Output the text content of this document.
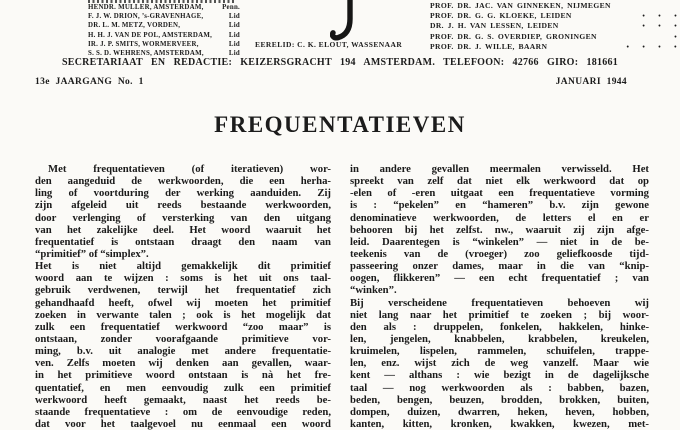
HENDR. MULLER, AMSTERDAM,	Penn.
F. J. W. DRION, ’s-GRAVENHAGE,	Lid
DR. L. M. METZ, VORDEN,	Lid
H. H. J. VAN DE POL, AMSTERDAM, Lid
IR. J. P. SMITS, WORMERVEER,	Lid
S. S. D. WEHRENS, AMSTERDAM,	Lid
EERELID: C. K. ELOUT, WASSENAAR
PROF. DR. JAC. VAN GINNEKEN, NIJMEGEN
PROF. DR. G. G. KLOEKE, LEIDEN	• • •
DR. J. H. VAN LESSEN, LEIDEN	• • •
PROF. DR. G. S. OVERDIEP, GRONINGEN	•
PROF. DR. J. WILLE, BAARN	• • • •
SECRETARIAAT EN REDACTIE: KEIZERSGRACHT 194 AMSTERDAM. TELEFOON: 42766 GIRO: 181661
13e JAARGANG No. 1	JANUARI 1944
FREQUENTATIEVEN
Met frequentatieven (of iteratieven) wor-
den aangeduid de werkwoorden, die een herha-
ling of voortduring der werking aanduiden. Zij
zijn afgeleid uit reeds bestaande werkwoorden,
door verlenging of versterking van den uitgang
van het zakelijke deel. Het woord waaruit het
frequentatief is ontstaan draagt den naam van
“primitief” of “simplex”.
Het is niet altijd gemakkelijk dit primitief
woord aan te wijzen : soms is het uit ons taal-
gebruik verdwenen, terwijl het frequentatief zich
gehandhaafd heeft, ofwel wij moeten het primitief
zoeken in verwante talen ; ook is het mogelijk dat
zulk een frequentatief werkwoord “zoo maar” is
ontstaan, zonder voorafgaande primitieve vor-
ming, b.v. uit analogie met andere frequentatie-
ven. Zelfs moeten wij denken aan gevallen, waar-
in het primitieve woord ontstaan is nà het fre-
quentatief, en men eenvoudig zulk een primitief
werkwoord heeft gemaakt, naast het reeds be-
staande frequentatieve : om de eenvoudige reden,
dat voor het taalgevoel nu eenmaal een woord
in andere gevallen meermalen verwisseld. Het
spreekt van zelf dat niet elk werkwoord dat op
-elen of -eren uitgaat een frequentatieve vorming
is : “pekelen” en “hameren” b.v. zijn gewone
denominatieve werkwoorden, de letters el en er
behooren bij het zelfst. nw., waaruit zij zijn afge-
leid. Daarentegen is “winkelen” — niet in de be-
teekenis van de (vroeger) zoo geliefkoosde tijd-
passeering onzer dames, maar in die van “knip-
oogen, flikkeren” — een echt frequentatief ; van
“winken”.
Bij verscheidene frequentatieven behoeven wij
niet lang naar het primitief te zoeken ; bij woor-
den als : druppelen, fonkelen, hakkelen, hinke-
len, jengelen, knabbelen, krabbelen, kreukelen,
kruimelen, lispelen, rammelen, schuifelen, trappe-
len, enz. wijst zich de weg vanzelf. Maar wie
kent — althans : wie bezigt in de dagelijksche
taal — nog werkwoorden als : babben, bazen,
beden, bengen, beuzen, brodden, brokken, buiten,
dompen, duizen, dwarren, heken, heven, hobben,
kanten, kitten, kronken, kwakken, kwezen, met-
